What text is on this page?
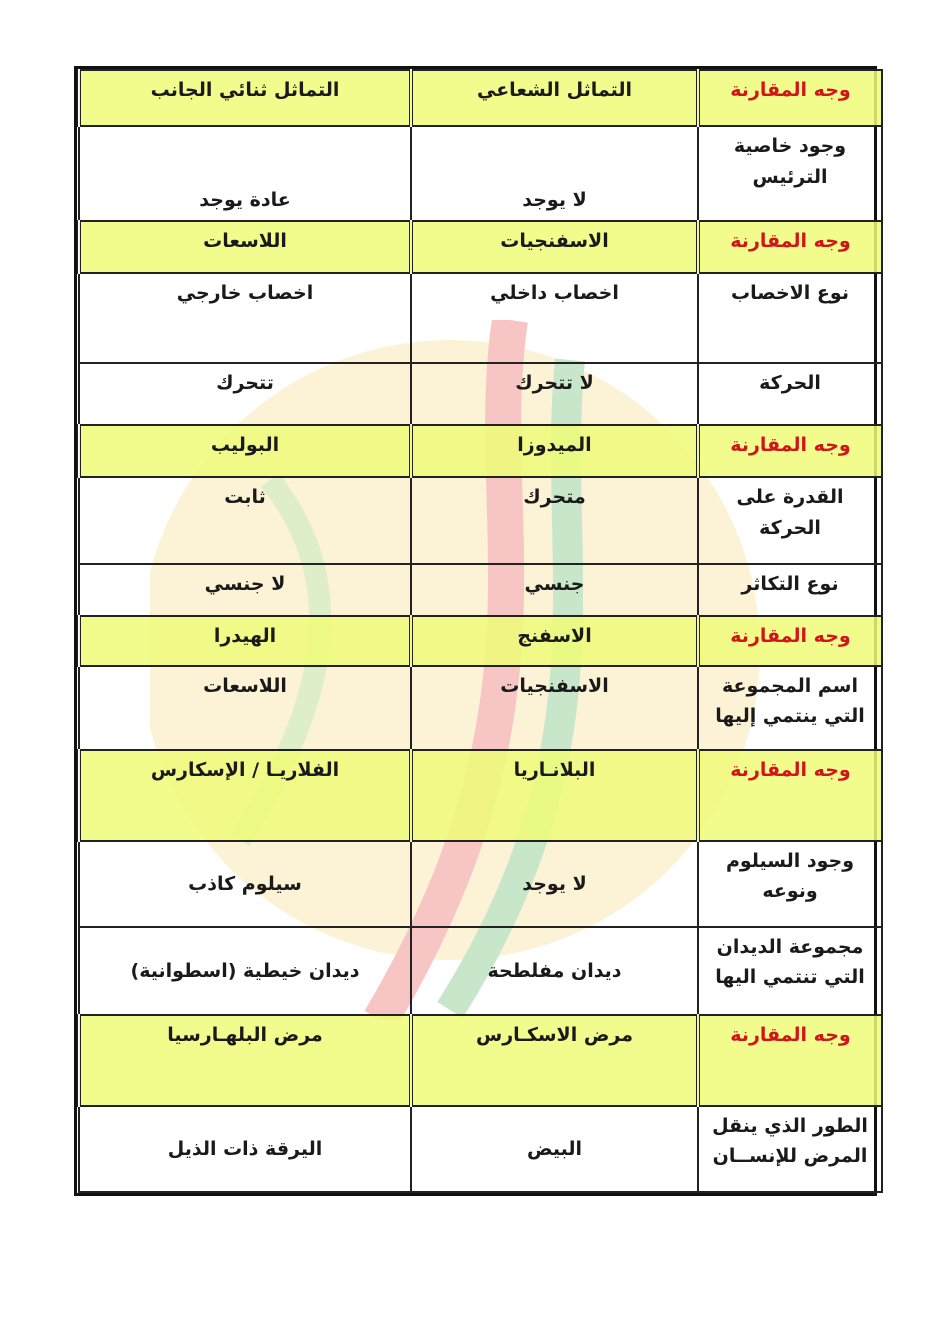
وجه المقارنة	التماثل الشعاعي	التماثل ثنائي الجانب
وجود خاصية الترئيس	لا يوجد	عادة يوجد
وجه المقارنة	الاسفنجيات	اللاسعات
نوع الاخصاب	اخصاب داخلي	اخصاب خارجي
الحركة	لا تتحرك	تتحرك
وجه المقارنة	الميدوزا	البوليب
القدرة على الحركة	متحرك	ثابت
نوع التكاثر	جنسي	لا جنسي
وجه المقارنة	الاسفنج	الهيدرا
اسم المجموعة التي ينتمي إليها	الاسفنجيات	اللاسعات
وجه المقارنة	البلانـاريا	الفلاريـا / الإسكارس
وجود السيلوم ونوعه	لا يوجد	سيلوم كاذب
مجموعة الديدان التي تنتمي اليها	ديدان مفلطحة	ديدان خيطية (اسطوانية)
وجه المقارنة	مرض الاسكـارس	مرض البلهـارسيا
الطور الذي ينقل المرض للإنســان	البيض	اليرقة ذات الذيل
